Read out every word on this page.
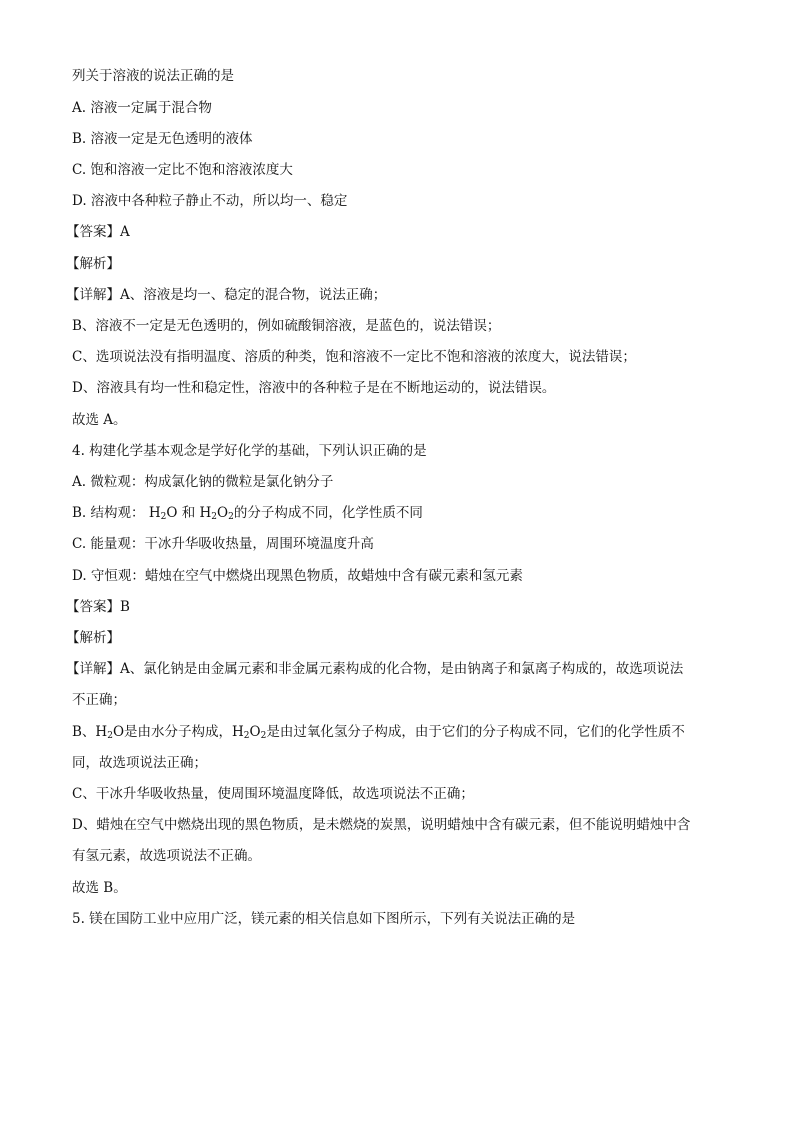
列关于溶液的说法正确的是
A. 溶液一定属于混合物
B. 溶液一定是无色透明的液体
C. 饱和溶液一定比不饱和溶液浓度大
D. 溶液中各种粒子静止不动，所以均一、稳定
【答案】A
【解析】
【详解】A、溶液是均一、稳定的混合物，说法正确；
B、溶液不一定是无色透明的，例如硫酸铜溶液，是蓝色的，说法错误；
C、选项说法没有指明温度、溶质的种类，饱和溶液不一定比不饱和溶液的浓度大，说法错误；
D、溶液具有均一性和稳定性，溶液中的各种粒子是在不断地运动的，说法错误。
故选 A。
4. 构建化学基本观念是学好化学的基础，下列认识正确的是
A. 微粒观：构成氯化钠的微粒是氯化钠分子
B. 结构观： $H_2O$ 和 $H_2O_2$的分子构成不同，化学性质不同
C. 能量观：干冰升华吸收热量，周围环境温度升高
D. 守恒观：蜡烛在空气中燃烧出现黑色物质，故蜡烛中含有碳元素和氢元素
【答案】B
【解析】
【详解】A、氯化钠是由金属元素和非金属元素构成的化合物，是由钠离子和氯离子构成的，故选项说法
不正确；
B、$H_2O$是由水分子构成，$H_2O_2$是由过氧化氢分子构成，由于它们的分子构成不同，它们的化学性质不
同，故选项说法正确；
C、干冰升华吸收热量，使周围环境温度降低，故选项说法不正确；
D、蜡烛在空气中燃烧出现的黑色物质，是未燃烧的炭黑，说明蜡烛中含有碳元素，但不能说明蜡烛中含
有氢元素，故选项说法不正确。
故选 B。
5. 镁在国防工业中应用广泛，镁元素的相关信息如下图所示，下列有关说法正确的是
